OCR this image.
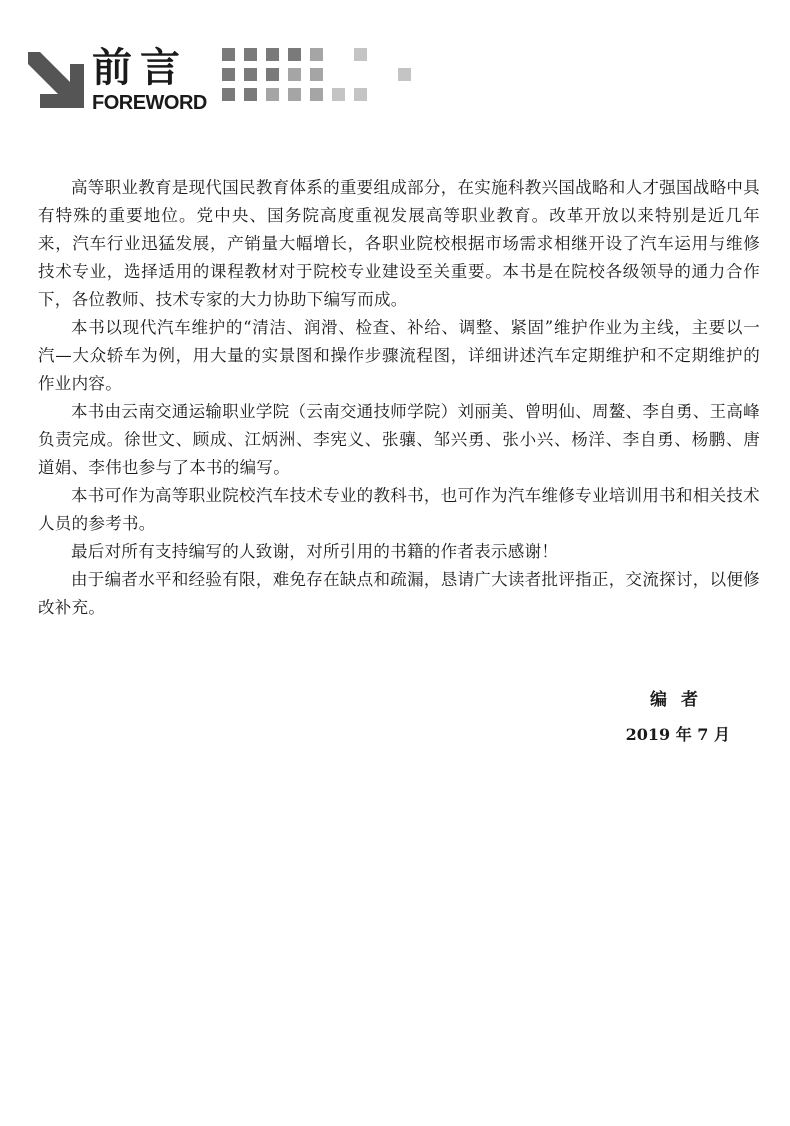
前言
FOREWORD

高等职业教育是现代国民教育体系的重要组成部分，在实施科教兴国战略和人才强国战略中具有特殊的重要地位。党中央、国务院高度重视发展高等职业教育。改革开放以来特别是近几年来，汽车行业迅猛发展，产销量大幅增长，各职业院校根据市场需求相继开设了汽车运用与维修技术专业，选择适用的课程教材对于院校专业建设至关重要。本书是在院校各级领导的通力合作下，各位教师、技术专家的大力协助下编写而成。

本书以现代汽车维护的“清洁、润滑、检查、补给、调整、紧固”维护作业为主线，主要以一汽—大众轿车为例，用大量的实景图和操作步骤流程图，详细讲述汽车定期维护和不定期维护的作业内容。

本书由云南交通运输职业学院（云南交通技师学院）刘丽美、曾明仙、周鳌、李自勇、王高峰负责完成。徐世文、顾成、江炳洲、李宪义、张骧、邹兴勇、张小兴、杨洋、李自勇、杨鹏、唐道娟、李伟也参与了本书的编写。

本书可作为高等职业院校汽车技术专业的教科书，也可作为汽车维修专业培训用书和相关技术人员的参考书。

最后对所有支持编写的人致谢，对所引用的书籍的作者表示感谢！

由于编者水平和经验有限，难免存在缺点和疏漏，恳请广大读者批评指正，交流探讨，以便修改补充。

编者
2019 年 7 月
